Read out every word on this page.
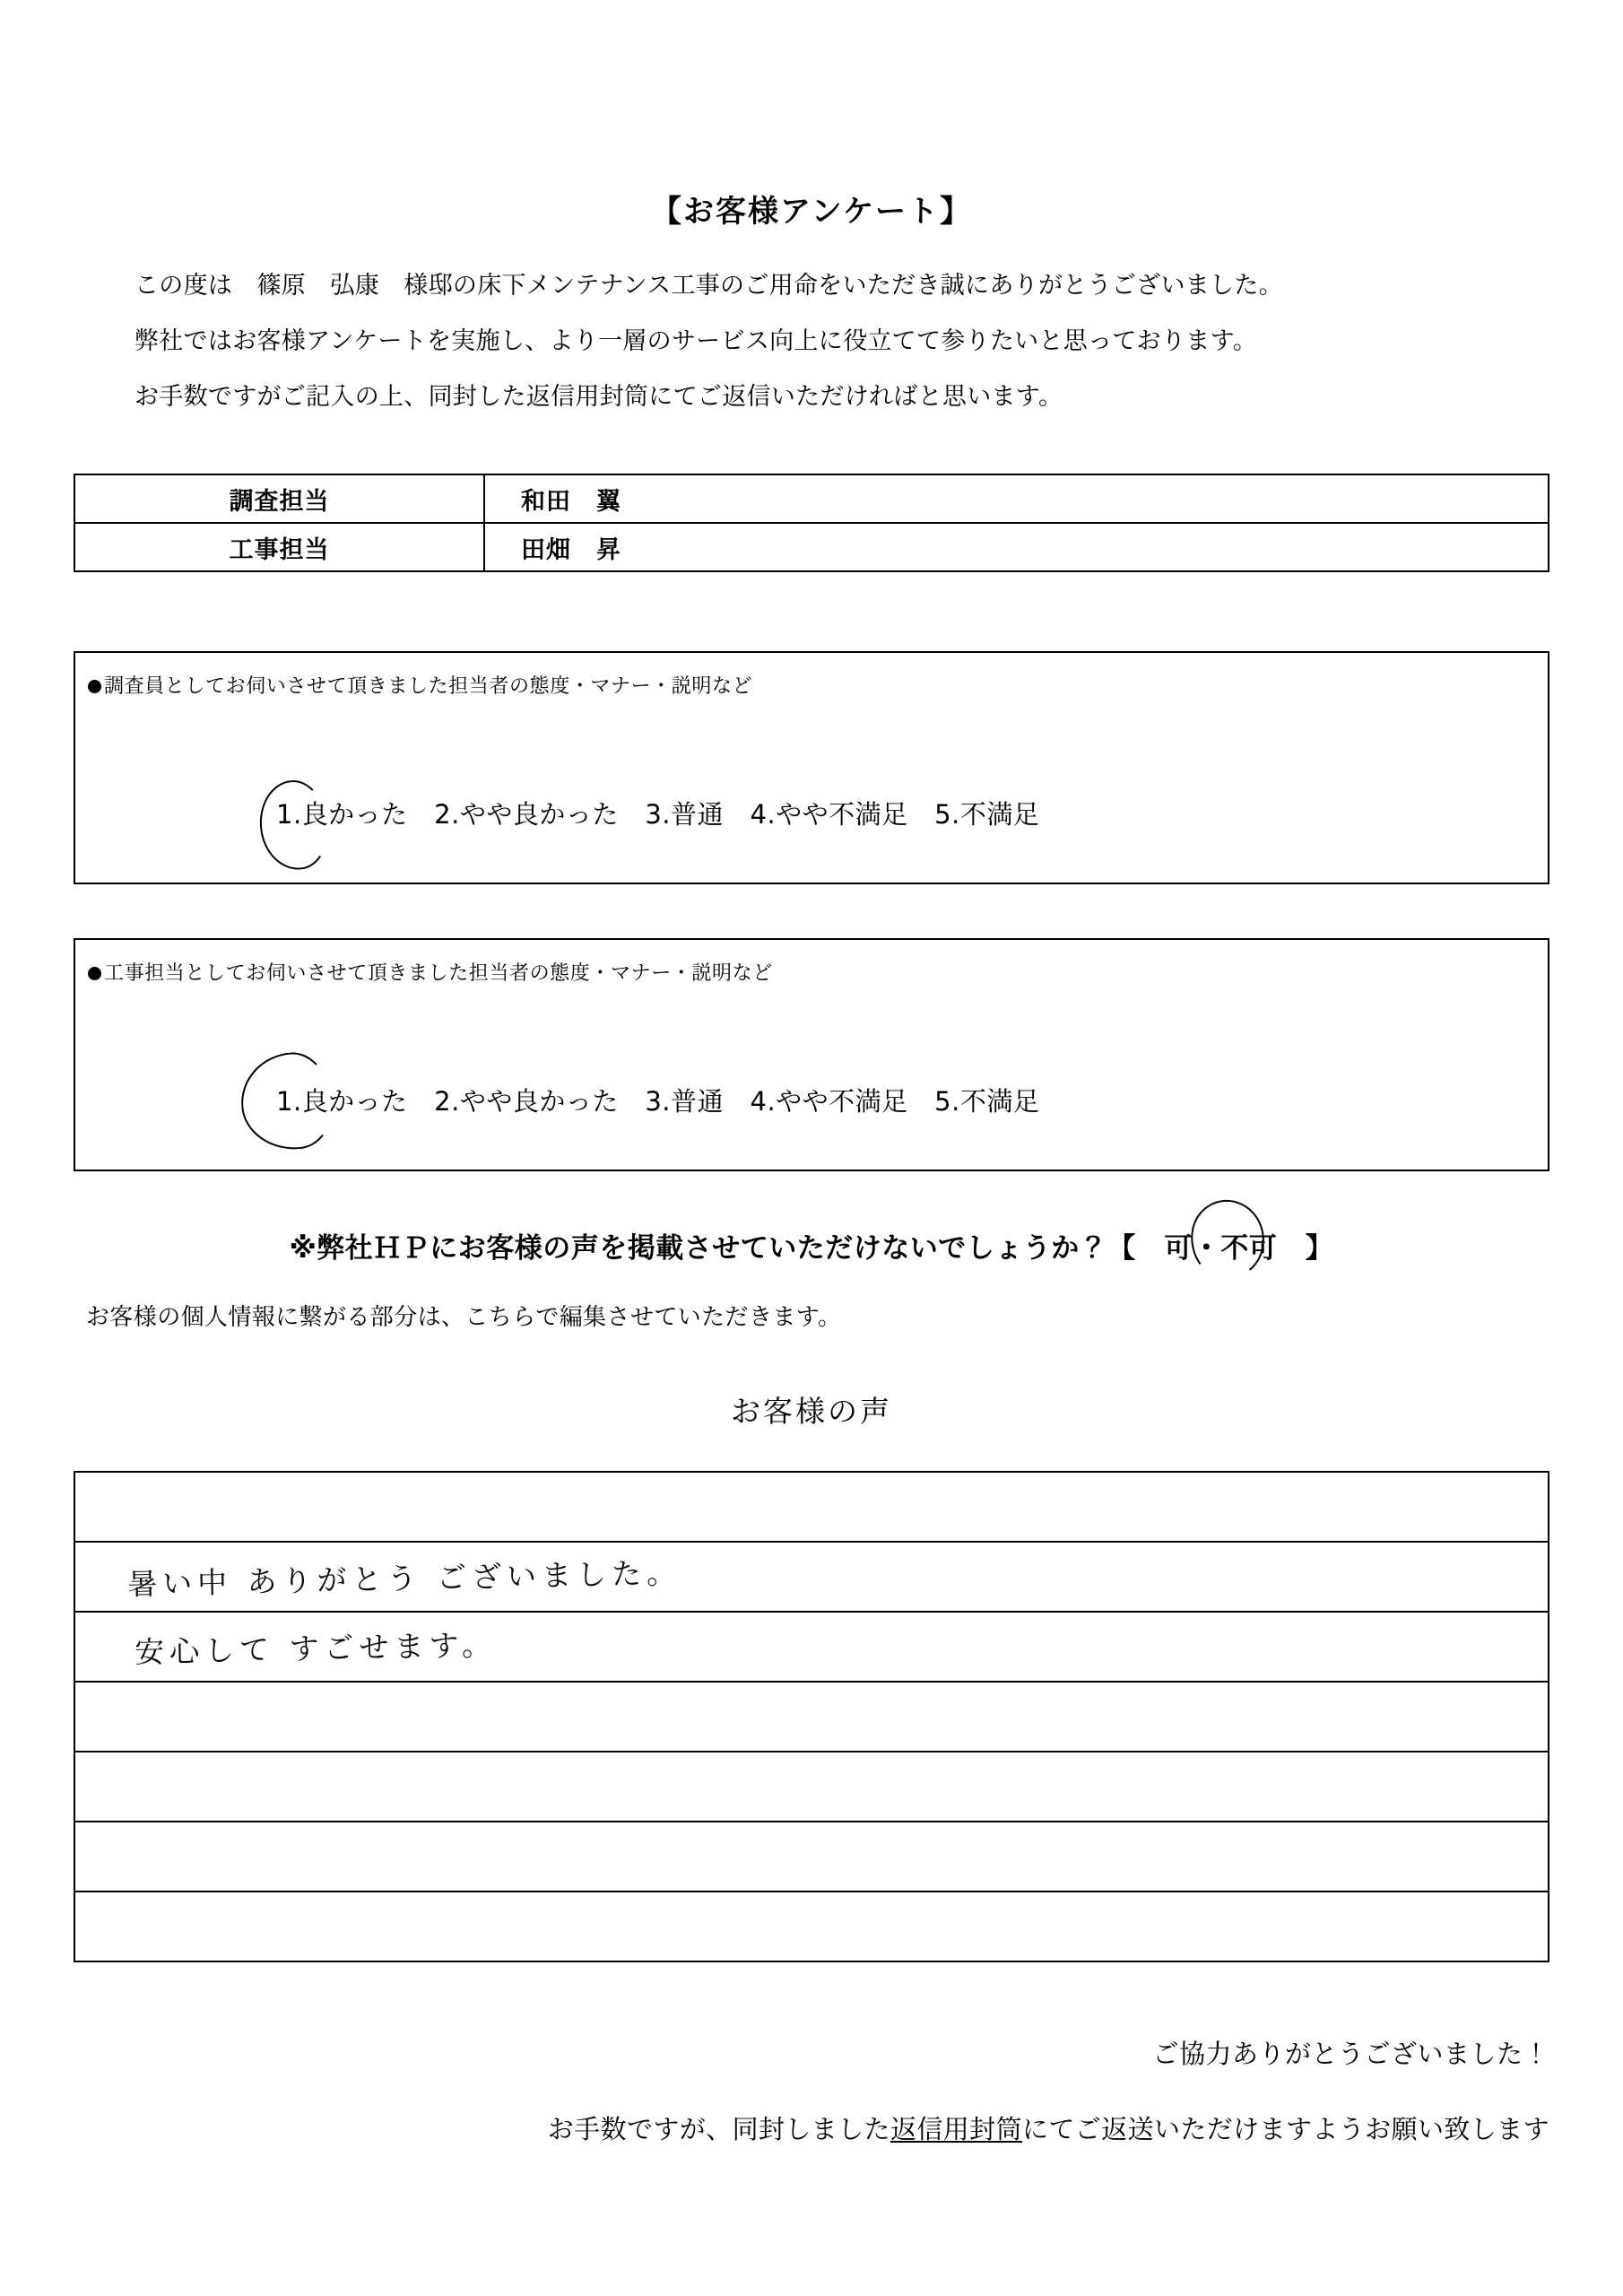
【お客様アンケート】
この度は　篠原　弘康　様邸の床下メンテナンス工事のご用命をいただき誠にありがとうございました。
弊社ではお客様アンケートを実施し、より一層のサービス向上に役立てて参りたいと思っております。
お手数ですがご記入の上、同封した返信用封筒にてご返信いただければと思います。
調査担当	和田　翼
工事担当	田畑　昇
調査員としてお伺いさせて頂きました担当者の態度・マナー・説明など
1.良かった　2.やや良かった　3.普通　4.やや不満足　5.不満足
工事担当としてお伺いさせて頂きました担当者の態度・マナー・説明など
1.良かった　2.やや良かった　3.普通　4.やや不満足　5.不満足
※弊社ＨＰにお客様の声を掲載させていただけないでしょうか？【　
可・不可　】
お客様の個人情報に繋がる部分は、こちらで編集させていただきます。
お客様の声

暑い中 ありがとう ございました。

安心して すごせます。

ご協力ありがとうございました！
お手数ですが、同封しました返信用封筒にてご返送いただけますようお願い致します
